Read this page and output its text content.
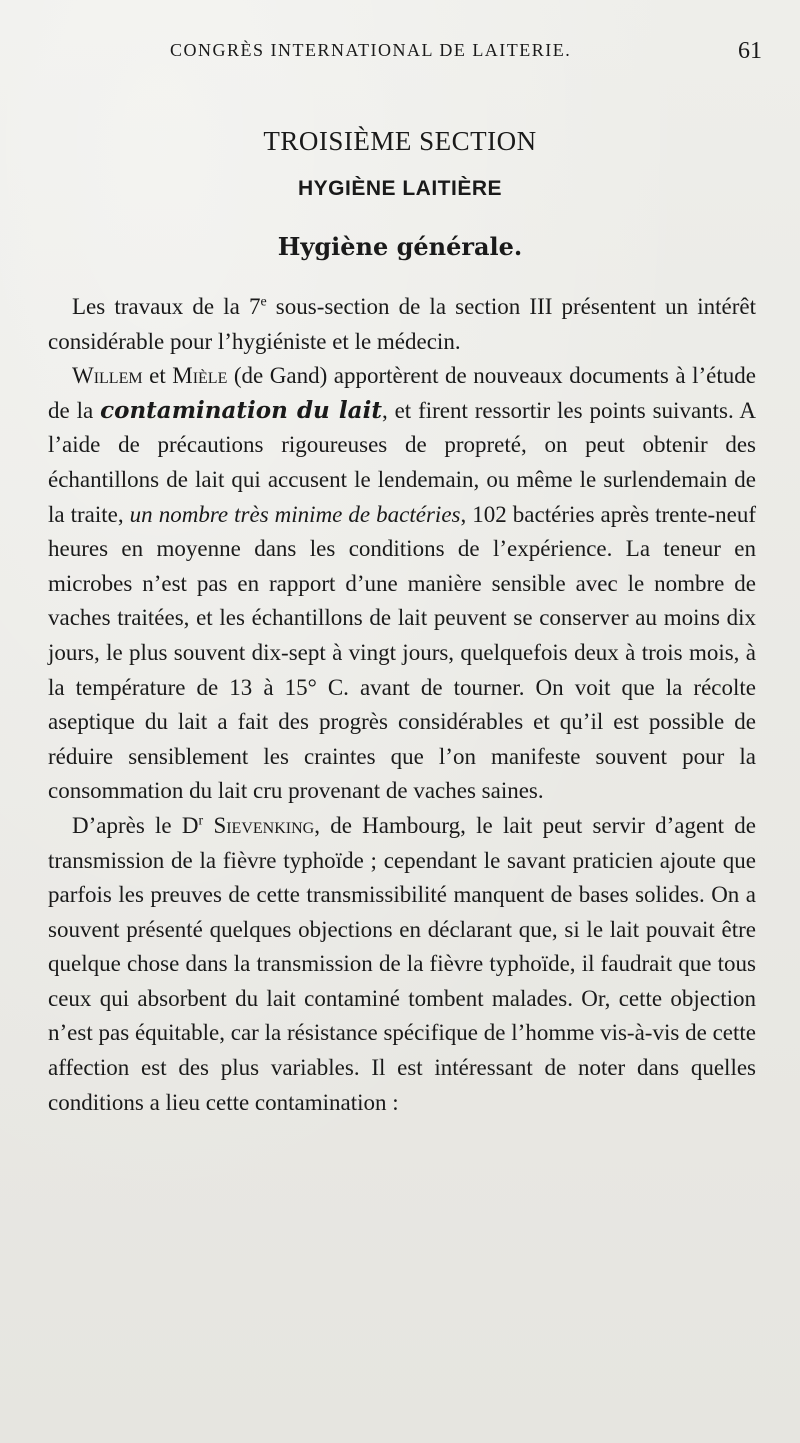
CONGRÈS INTERNATIONAL DE LAITERIE.	61
TROISIÈME SECTION
HYGIÈNE LAITIÈRE
Hygiène générale.

Les travaux de la 7e sous-section de la section III présentent un intérêt considérable pour l’hygiéniste et le médecin.

Willem et Mièle (de Gand) apportèrent de nouveaux documents à l’étude de la contamination du lait, et firent ressortir les points suivants. A l’aide de précautions rigoureuses de propreté, on peut obtenir des échantillons de lait qui accusent le lendemain, ou même le surlendemain de la traite, un nombre très minime de bactéries, 102 bactéries après trente-neuf heures en moyenne dans les conditions de l’expérience. La teneur en microbes n’est pas en rapport d’une manière sensible avec le nombre de vaches traitées, et les échantillons de lait peuvent se conserver au moins dix jours, le plus souvent dix-sept à vingt jours, quelquefois deux à trois mois, à la température de 13 à 15° C. avant de tourner. On voit que la récolte aseptique du lait a fait des progrès considérables et qu’il est possible de réduire sensiblement les craintes que l’on manifeste souvent pour la consommation du lait cru provenant de vaches saines.

D’après le $D^r$ Sievenking, de Hambourg, le lait peut servir d’agent de transmission de la fièvre typhoïde ; cependant le savant praticien ajoute que parfois les preuves de cette transmissibilité manquent de bases solides. On a souvent présenté quelques objections en déclarant que, si le lait pouvait être quelque chose dans la transmission de la fièvre typhoïde, il faudrait que tous ceux qui absorbent du lait contaminé tombent malades. Or, cette objection n’est pas équitable, car la résistance spécifique de l’homme vis-à-vis de cette affection est des plus variables. Il est intéressant de noter dans quelles conditions a lieu cette contamination :
